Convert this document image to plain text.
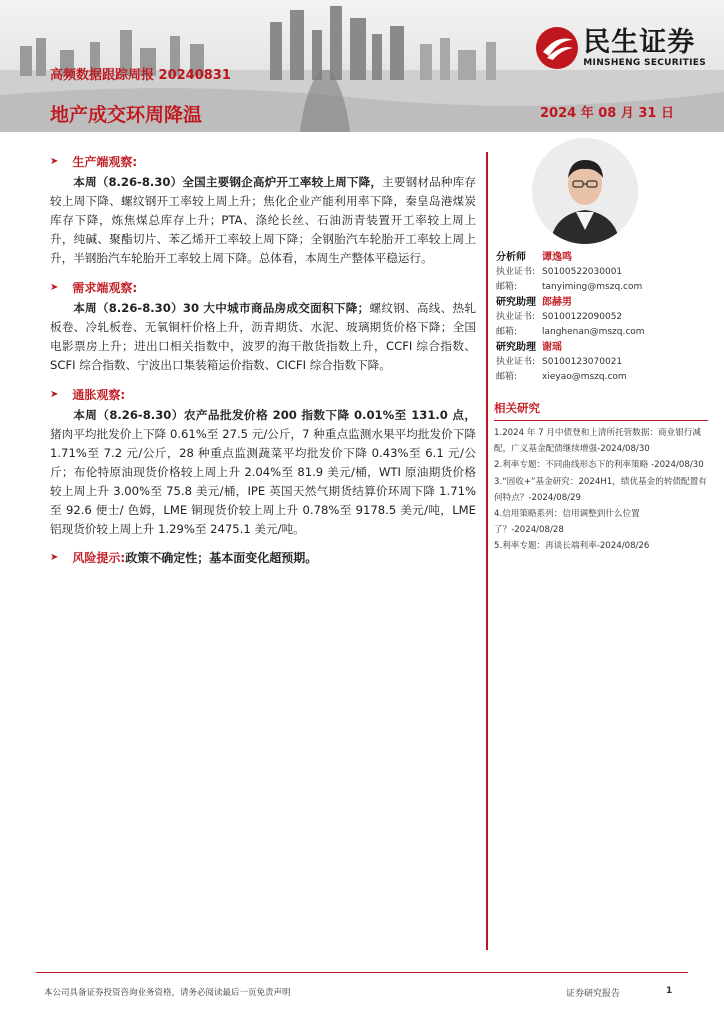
民生证券
MINSHENG SECURITIES
高频数据跟踪周报 20240831
地产成交环周降温	2024 年 08 月 31 日
➤ 生产端观察:

本周（8.26-8.30）全国主要钢企高炉开工率较上周下降，主要钢材品种库存较上周下降、螺纹钢开工率较上周上升；焦化企业产能利用率下降，秦皇岛港煤炭库存下降，炼焦煤总库存上升；PTA、涤纶长丝、石油沥青装置开工率较上周上升，纯碱、聚酯切片、苯乙烯开工率较上周下降；全钢胎汽车轮胎开工率较上周上升，半钢胎汽车轮胎开工率较上周下降。总体看，本周生产整体平稳运行。

➤ 需求端观察:

本周（8.26-8.30）30 大中城市商品房成交面积下降；螺纹钢、高线、热轧板卷、冷轧板卷、无氧铜杆价格上升，沥青期货、水泥、玻璃期货价格下降；全国电影票房上升；进出口相关指数中，波罗的海干散货指数上升，CCFI 综合指数、SCFI 综合指数、宁波出口集装箱运价指数、CICFI 综合指数下降。

➤ 通胀观察:

本周（8.26-8.30）农产品批发价格 200 指数下降 0.01%至 131.0 点，猪肉平均批发价上下降 0.61%至 27.5 元/公斤，7 种重点监测水果平均批发价下降 1.71%至 7.2 元/公斤，28 种重点监测蔬菜平均批发价下降 0.43%至 6.1 元/公斤；布伦特原油现货价格较上周上升 2.04%至 81.9 美元/桶，WTI 原油期货价格较上周上升 3.00%至 75.8 美元/桶，IPE 英国天然气期货结算价环周下降 1.71%至 92.6 便士/ 色姆，LME 铜现货价较上周上升 0.78%至 9178.5 美元/吨，LME 铝现货价较上周上升 1.29%至 2475.1 美元/吨。

➤ 风险提示: 政策不确定性；基本面变化超预期。
分析师	谭逸鸣
执业证书: S0100522030001
邮箱:	tanyiming@mszq.com
研究助理 郎赫男
执业证书: S0100122090052
邮箱:	langhenan@mszq.com
研究助理 谢瑶
执业证书: S0100123070021
邮箱:	xieyao@mszq.com
相关研究
1.2024 年 7 月中债登和上清所托管数据：商业银行减配，广义基金配债继续增强-2024/08/30
2.利率专题：不同曲线形态下的利率策略 -2024/08/30
3.“固收+”基金研究：2024H1，绩优基金的转债配置有何特点？-2024/08/29
4.信用策略系列：信用调整到什么位置了？-2024/08/28
5.利率专题：再谈长端利率-2024/08/26
本公司具备证券投资咨询业务资格，请务必阅读最后一页免责声明	证券研究报告	1
